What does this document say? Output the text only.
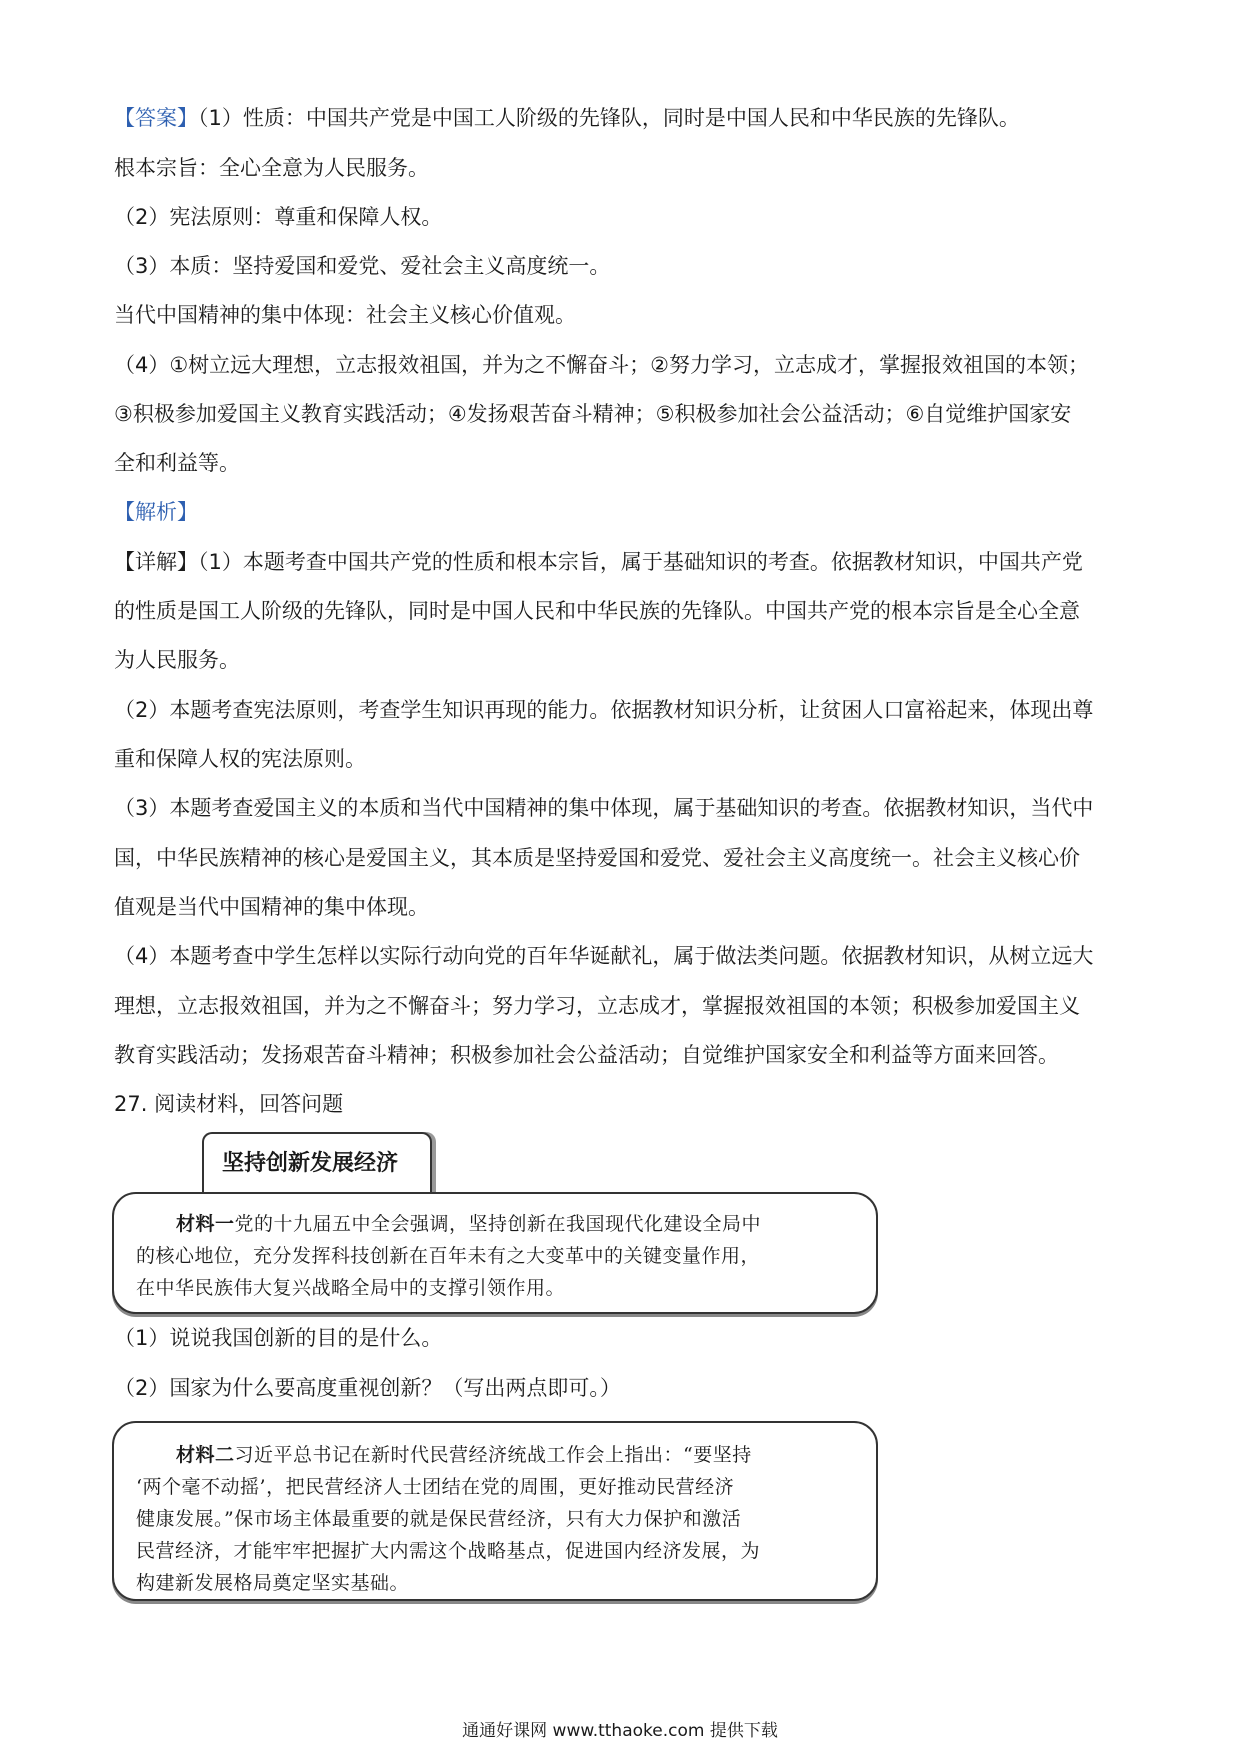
【答案】（1）性质：中国共产党是中国工人阶级的先锋队，同时是中国人民和中华民族的先锋队。
根本宗旨：全心全意为人民服务。
（2）宪法原则：尊重和保障人权。
（3）本质：坚持爱国和爱党、爱社会主义高度统一。
当代中国精神的集中体现：社会主义核心价值观。
（4）①树立远大理想，立志报效祖国，并为之不懈奋斗；②努力学习，立志成才，掌握报效祖国的本领；
③积极参加爱国主义教育实践活动；④发扬艰苦奋斗精神；⑤积极参加社会公益活动；⑥自觉维护国家安
全和利益等。
【解析】
【详解】（1）本题考查中国共产党的性质和根本宗旨，属于基础知识的考查。依据教材知识，中国共产党
的性质是国工人阶级的先锋队，同时是中国人民和中华民族的先锋队。中国共产党的根本宗旨是全心全意
为人民服务。
（2）本题考查宪法原则，考查学生知识再现的能力。依据教材知识分析，让贫困人口富裕起来，体现出尊
重和保障人权的宪法原则。
（3）本题考查爱国主义的本质和当代中国精神的集中体现，属于基础知识的考查。依据教材知识，当代中
国，中华民族精神的核心是爱国主义，其本质是坚持爱国和爱党、爱社会主义高度统一。社会主义核心价
值观是当代中国精神的集中体现。
（4）本题考查中学生怎样以实际行动向党的百年华诞献礼，属于做法类问题。依据教材知识，从树立远大
理想，立志报效祖国，并为之不懈奋斗；努力学习，立志成才，掌握报效祖国的本领；积极参加爱国主义
教育实践活动；发扬艰苦奋斗精神；积极参加社会公益活动；自觉维护国家安全和利益等方面来回答。
27. 阅读材料，回答问题
坚持创新发展经济
材料一党的十九届五中全会强调，坚持创新在我国现代化建设全局中
的核心地位，充分发挥科技创新在百年未有之大变革中的关键变量作用，
在中华民族伟大复兴战略全局中的支撑引领作用。
（1）说说我国创新的目的是什么。
（2）国家为什么要高度重视创新？（写出两点即可。）
材料二习近平总书记在新时代民营经济统战工作会上指出：“要坚持
‘两个毫不动摇’，把民营经济人士团结在党的周围，更好推动民营经济
健康发展。”保市场主体最重要的就是保民营经济，只有大力保护和激活
民营经济，才能牢牢把握扩大内需这个战略基点，促进国内经济发展，为
构建新发展格局奠定坚实基础。
通通好课网 www.tthaoke.com 提供下载
